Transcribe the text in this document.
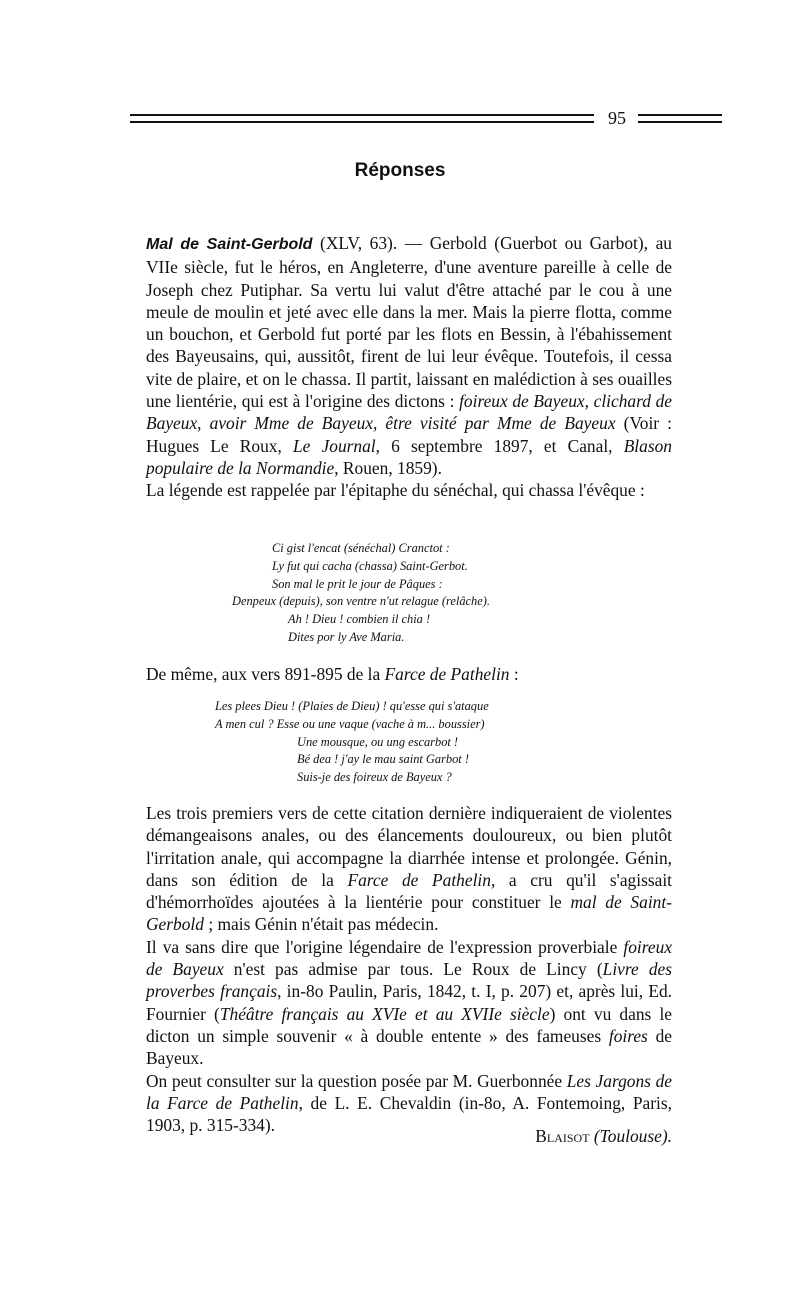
95
Réponses
Mal de Saint-Gerbold (XLV, 63). — Gerbold (Guerbot ou Garbot), au VIIe siècle, fut le héros, en Angleterre, d'une aventure pareille à celle de Joseph chez Putiphar. Sa vertu lui valut d'être attaché par le cou à une meule de moulin et jeté avec elle dans la mer. Mais la pierre flotta, comme un bouchon, et Gerbold fut porté par les flots en Bessin, à l'ébahissement des Bayeusains, qui, aussitôt, firent de lui leur évêque. Toutefois, il cessa vite de plaire, et on le chassa. Il partit, laissant en malédiction à ses ouailles une lientérie, qui est à l'origine des dictons : foireux de Bayeux, clichard de Bayeux, avoir Mme de Bayeux, être visité par Mme de Bayeux (Voir : Hugues Le Roux, Le Journal, 6 septembre 1897, et Canal, Blason populaire de la Normandie, Rouen, 1859).
La légende est rappelée par l'épitaphe du sénéchal, qui chassa l'évêque :
Ci gist l'encat (sénéchal) Cranctot :
Ly fut qui cacha (chassa) Saint-Gerbot.
Son mal le prit le jour de Pâques :
Denpeux (depuis), son ventre n'ut relague (relâche).
Ah ! Dieu ! combien il chia !
Dites por ly Ave Maria.
De même, aux vers 891-895 de la Farce de Pathelin :
Les plees Dieu ! (Plaies de Dieu) ! qu'esse qui s'ataque
A men cul ? Esse ou une vaque (vache à m... boussier)
Une mousque, ou ung escarbot !
Bé dea ! j'ay le mau saint Garbot !
Suis-je des foireux de Bayeux ?
Les trois premiers vers de cette citation dernière indiqueraient de violentes démangeaisons anales, ou des élancements douloureux, ou bien plutôt l'irritation anale, qui accompagne la diarrhée intense et prolongée. Génin, dans son édition de la Farce de Pathelin, a cru qu'il s'agissait d'hémorrhoïdes ajoutées à la lientérie pour constituer le mal de Saint-Gerbold ; mais Génin n'était pas médecin.
Il va sans dire que l'origine légendaire de l'expression proverbiale foireux de Bayeux n'est pas admise par tous. Le Roux de Lincy (Livre des proverbes français, in-8o Paulin, Paris, 1842, t. I, p. 207) et, après lui, Ed. Fournier (Théâtre français au XVIe et au XVIIe siècle) ont vu dans le dicton un simple souvenir « à double entente » des fameuses foires de Bayeux.
On peut consulter sur la question posée par M. Guerbonnée Les Jargons de la Farce de Pathelin, de L. E. Chevaldin (in-8o, A. Fontemoing, Paris, 1903, p. 315-334).
Blaisot (Toulouse).
